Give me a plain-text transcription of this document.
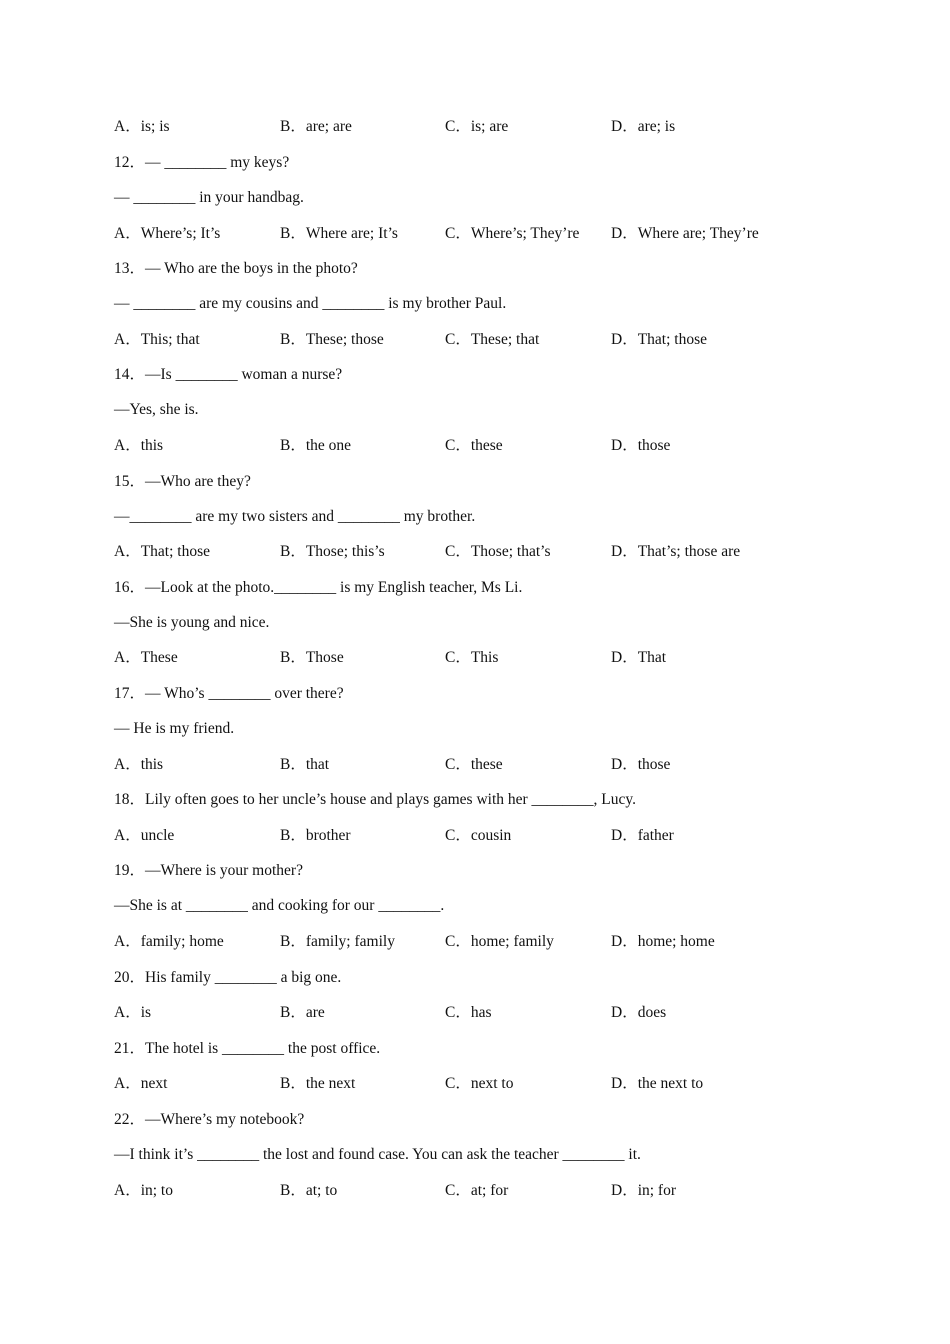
A．is; is	B．are; are	C．is; are	D．are; is

12．— ________ my keys?

— ________ in your handbag.

A．Where’s; It’s	B．Where are; It’s	C．Where’s; They’re D．Where are; They’re

13．— Who are the boys in the photo?

— ________ are my cousins and ________ is my brother Paul.

A．This; that	B．These; those	C．These; that	D．That; those

14．—Is ________ woman a nurse?

—Yes, she is.

A．this	B．the one	C．these	D．those

15．—Who are they?

—________ are my two sisters and ________ my brother.

A．That; those	B．Those; this’s	C．Those; that’s	D．That’s; those are

16．—Look at the photo.________ is my English teacher, Ms Li.

—She is young and nice.

A．These	B．Those	C．This	D．That

17．— Who’s ________ over there?

— He is my friend.

A．this	B．that	C．these	D．those

18．Lily often goes to her uncle’s house and plays games with her ________, Lucy.

A．uncle	B．brother	C．cousin	D．father

19．—Where is your mother?

—She is at ________ and cooking for our ________.

A．family; home	B．family; family	C．home; family	D．home; home

20．His family ________ a big one.

A．is	B．are	C．has	D．does

21．The hotel is ________ the post office.

A．next	B．the next	C．next to	D．the next to

22．—Where’s my notebook?

—I think it’s ________ the lost and found case. You can ask the teacher ________ it.

A．in; to	B．at; to	C．at; for	D．in; for
